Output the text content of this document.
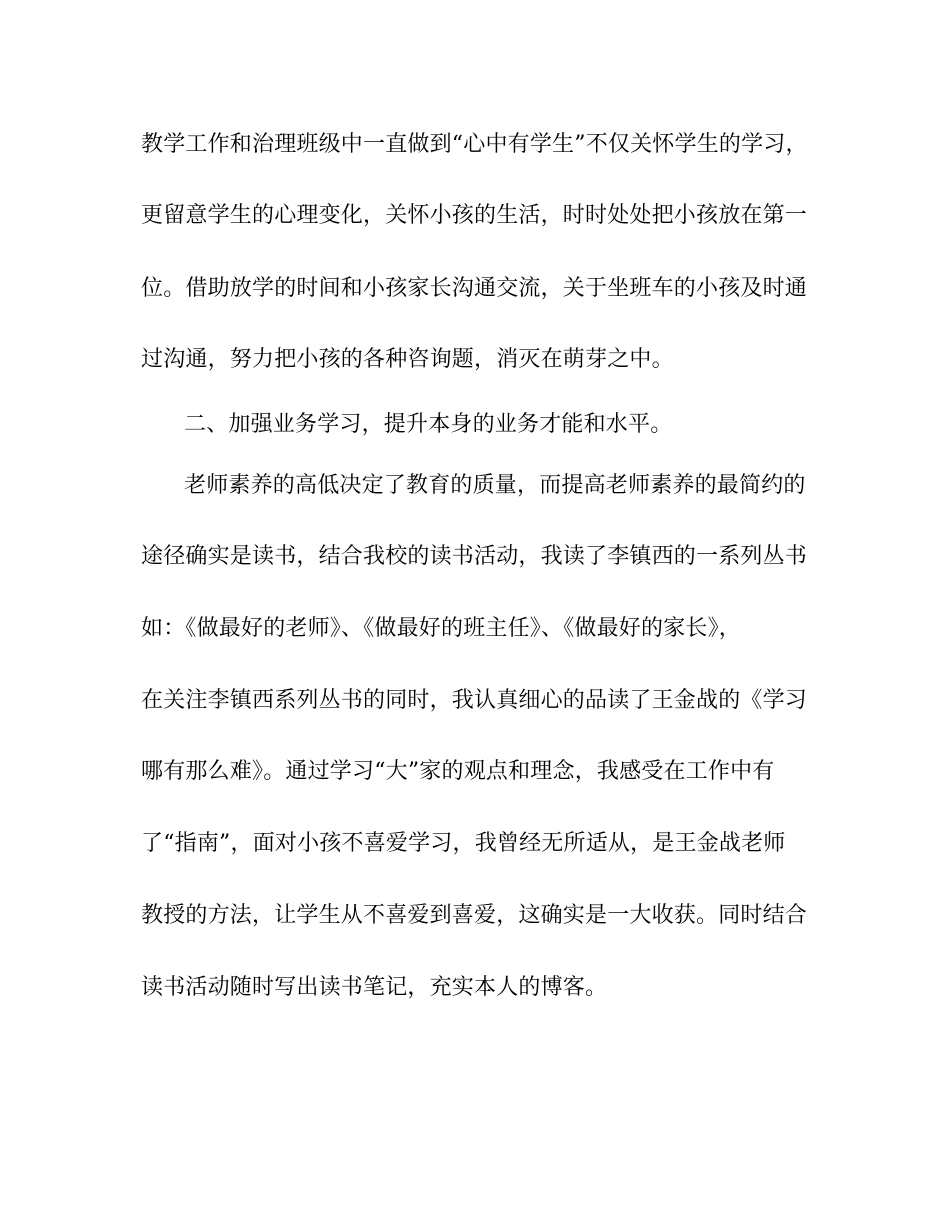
教学工作和治理班级中一直做到“心中有学生”不仅关怀学生的学习，
更留意学生的心理变化，关怀小孩的生活，时时处处把小孩放在第一
位。借助放学的时间和小孩家长沟通交流，关于坐班车的小孩及时通
过沟通，努力把小孩的各种咨询题，消灭在萌芽之中。
二、加强业务学习，提升本身的业务才能和水平。
老师素养的高低决定了教育的质量，而提高老师素养的最简约的
途径确实是读书，结合我校的读书活动，我读了李镇西的一系列丛书
如：《做最好的老师》、《做最好的班主任》、《做最好的家长》，
在关注李镇西系列丛书的同时，我认真细心的品读了王金战的《学习
哪有那么难》。通过学习“大”家的观点和理念，我感受在工作中有
了“指南”，面对小孩不喜爱学习，我曾经无所适从，是王金战老师
教授的方法，让学生从不喜爱到喜爱，这确实是一大收获。同时结合
读书活动随时写出读书笔记，充实本人的博客。
